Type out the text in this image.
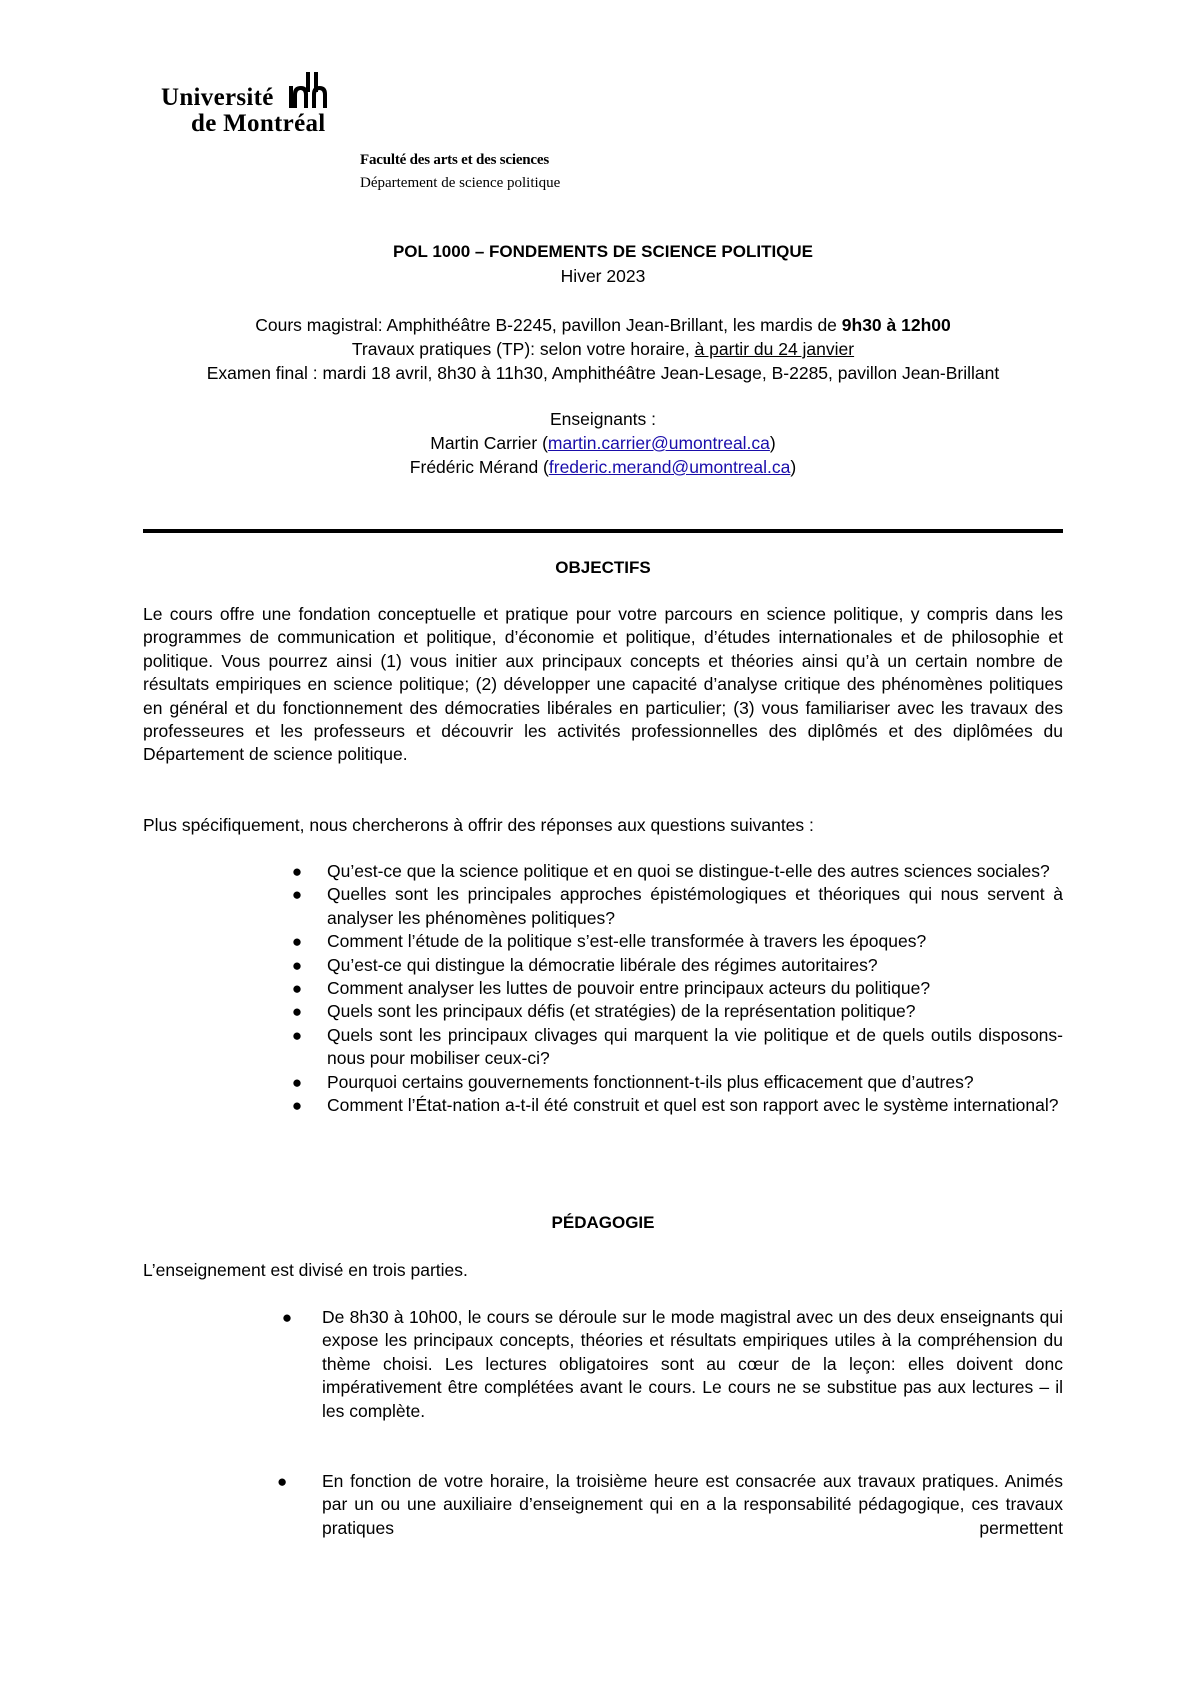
Université
de Montréal
Faculté des arts et des sciences
Département de science politique
POL 1000 – FONDEMENTS DE SCIENCE POLITIQUE
Hiver 2023
Cours magistral: Amphithéâtre B-2245, pavillon Jean-Brillant, les mardis de 9h30 à 12h00
Travaux pratiques (TP): selon votre horaire, à partir du 24 janvier
Examen final : mardi 18 avril, 8h30 à 11h30, Amphithéâtre Jean-Lesage, B-2285, pavillon Jean-Brillant
Enseignants :
Martin Carrier (martin.carrier@umontreal.ca)
Frédéric Mérand (frederic.merand@umontreal.ca)
OBJECTIFS
Le cours offre une fondation conceptuelle et pratique pour votre parcours en science politique, y compris dans les programmes de communication et politique, d’économie et politique, d’études internationales et de philosophie et politique. Vous pourrez ainsi (1) vous initier aux principaux concepts et théories ainsi qu’à un certain nombre de résultats empiriques en science politique; (2) développer une capacité d’analyse critique des phénomènes politiques en général et du fonctionnement des démocraties libérales en particulier; (3) vous familiariser avec les travaux des professeures et les professeurs et découvrir les activités professionnelles des diplômés et des diplômées du Département de science politique.
Plus spécifiquement, nous chercherons à offrir des réponses aux questions suivantes :
● Qu’est-ce que la science politique et en quoi se distingue-t-elle des autres sciences sociales?
● Quelles sont les principales approches épistémologiques et théoriques qui nous servent à analyser les phénomènes politiques?
● Comment l’étude de la politique s’est-elle transformée à travers les époques?
● Qu’est-ce qui distingue la démocratie libérale des régimes autoritaires?
● Comment analyser les luttes de pouvoir entre principaux acteurs du politique?
● Quels sont les principaux défis (et stratégies) de la représentation politique?
● Quels sont les principaux clivages qui marquent la vie politique et de quels outils disposons-nous pour mobiliser ceux-ci?
● Pourquoi certains gouvernements fonctionnent-t-ils plus efficacement que d’autres?
● Comment l’État-nation a-t-il été construit et quel est son rapport avec le système international?
PÉDAGOGIE
L’enseignement est divisé en trois parties.
● De 8h30 à 10h00, le cours se déroule sur le mode magistral avec un des deux enseignants qui expose les principaux concepts, théories et résultats empiriques utiles à la compréhension du thème choisi. Les lectures obligatoires sont au cœur de la leçon: elles doivent donc impérativement être complétées avant le cours. Le cours ne se substitue pas aux lectures – il les complète.
●	En fonction de votre horaire, la troisième heure est consacrée aux travaux pratiques. Animés par un ou une auxiliaire d’enseignement qui en a la responsabilité pédagogique, ces travaux pratiques permettent
